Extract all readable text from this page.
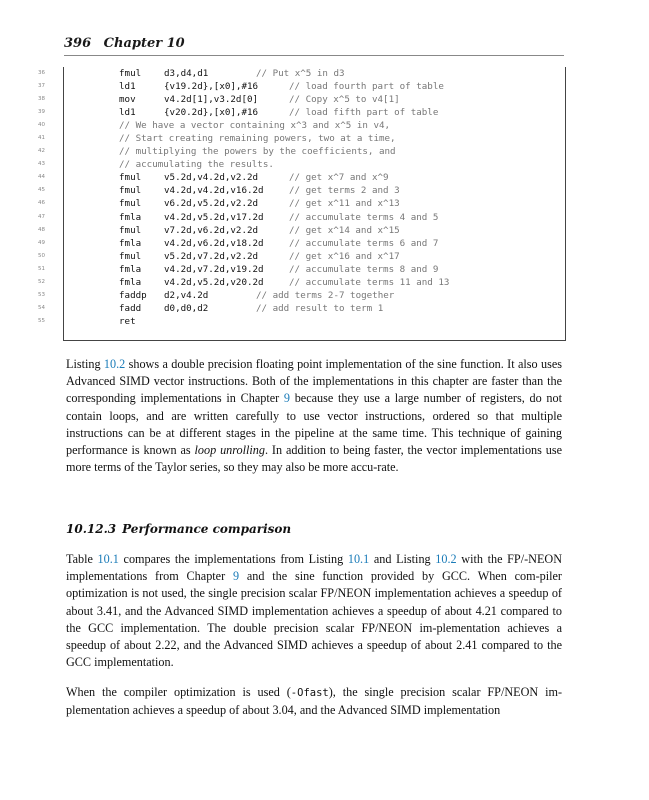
396 Chapter 10
36
37
38
39
40
41
42
43
44
45
46
47
48
49
50
51
52
53
54
55
fmul d3,d4,d1	// Put x^5 in d3
ld1	{v19.2d},[x0],#16	// load fourth part of table
mov	v4.2d[1],v3.2d[0]	// Copy x^5 to v4[1]
ld1	{v20.2d},[x0],#16	// load fifth part of table
// We have a vector containing x^3 and x^5 in v4,
// Start creating remaining powers, two at a time,
// multiplying the powers by the coefficients, and
// accumulating the results.
fmul v5.2d,v4.2d,v2.2d	// get x^7 and x^9
fmul v4.2d,v4.2d,v16.2d	// get terms 2 and 3
fmul v6.2d,v5.2d,v2.2d	// get x^11 and x^13
fmla v4.2d,v5.2d,v17.2d	// accumulate terms 4 and 5
fmul v7.2d,v6.2d,v2.2d	// get x^14 and x^15
fmla v4.2d,v6.2d,v18.2d	// accumulate terms 6 and 7
fmul v5.2d,v7.2d,v2.2d	// get x^16 and x^17
fmla v4.2d,v7.2d,v19.2d	// accumulate terms 8 and 9
fmla v4.2d,v5.2d,v20.2d	// accumulate terms 11 and 13
faddp d2,v4.2d	// add terms 2-7 together
fadd d0,d0,d2	// add result to term 1
ret

Listing 10.2 shows a double precision floating point implementation of the sine function. It also uses Advanced SIMD vector instructions. Both of the implementations in this chapter are faster than the corresponding implementations in Chapter 9 because they use a large number of registers, do not contain loops, and are written carefully to use vector instructions, ordered so that multiple instructions can be at different stages in the pipeline at the same time. This technique of gaining performance is known as loop unrolling. In addition to being faster, the vector implementations use more terms of the Taylor series, so they may also be more accu-rate.

10.12.3 Performance comparison

Table 10.1 compares the implementations from Listing 10.1 and Listing 10.2 with the FP/-NEON implementations from Chapter 9 and the sine function provided by GCC. When com-piler optimization is not used, the single precision scalar FP/NEON implementation achieves a speedup of about 3.41, and the Advanced SIMD implementation achieves a speedup of about 4.21 compared to the GCC implementation. The double precision scalar FP/NEON im-plementation achieves a speedup of about 2.22, and the Advanced SIMD achieves a speedup of about 2.41 compared to the GCC implementation.

When the compiler optimization is used (-Ofast), the single precision scalar FP/NEON im-plementation achieves a speedup of about 3.04, and the Advanced SIMD implementation
